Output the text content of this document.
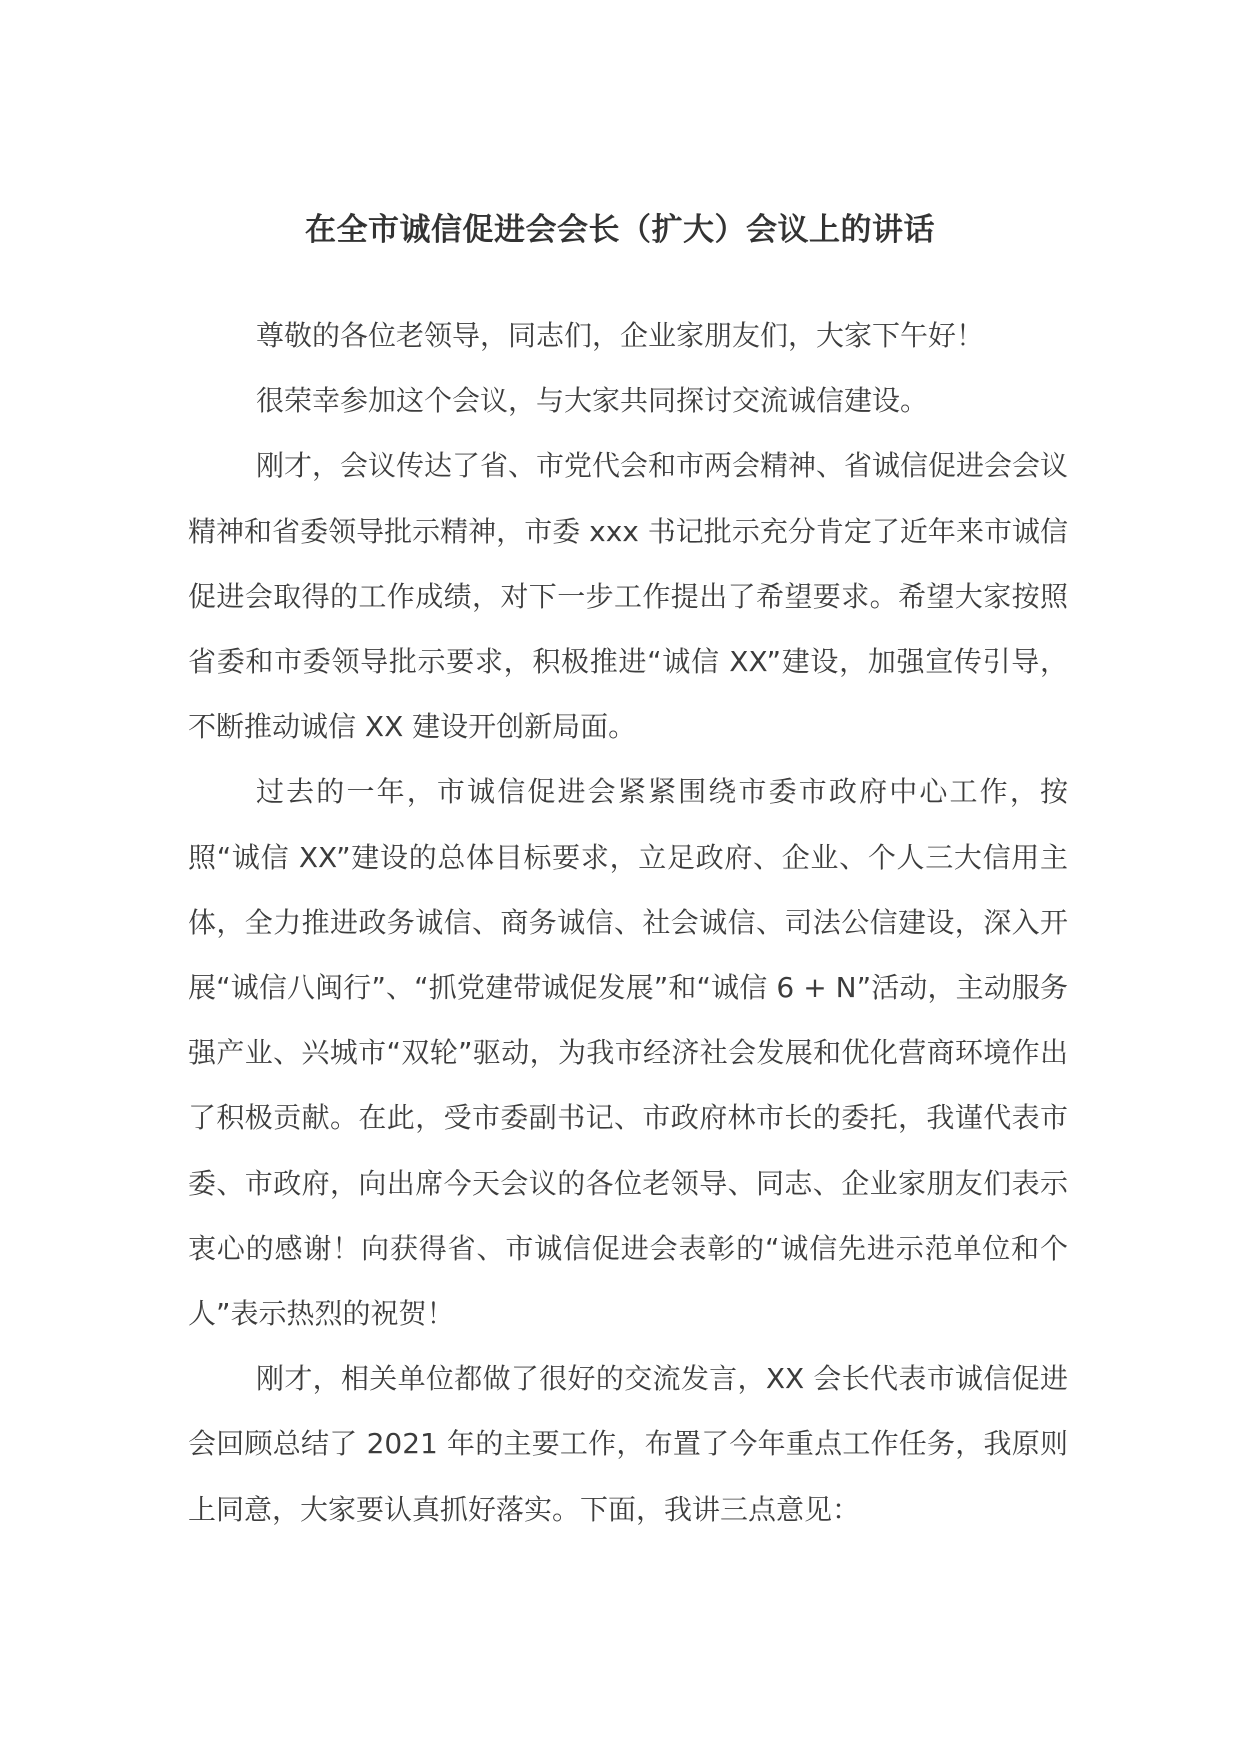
在全市诚信促进会会长（扩大）会议上的讲话

尊敬的各位老领导，同志们，企业家朋友们，大家下午好！

很荣幸参加这个会议，与大家共同探讨交流诚信建设。

刚才，会议传达了省、市党代会和市两会精神、省诚信促进会会议精神和省委领导批示精神，市委 xxx 书记批示充分肯定了近年来市诚信促进会取得的工作成绩，对下一步工作提出了希望要求。希望大家按照省委和市委领导批示要求，积极推进“诚信 XX”建设，加强宣传引导，不断推动诚信 XX 建设开创新局面。

过去的一年，市诚信促进会紧紧围绕市委市政府中心工作，按照“诚信 XX”建设的总体目标要求，立足政府、企业、个人三大信用主体，全力推进政务诚信、商务诚信、社会诚信、司法公信建设，深入开展“诚信八闽行”、“抓党建带诚促发展”和“诚信 6 + N”活动，主动服务强产业、兴城市“双轮”驱动，为我市经济社会发展和优化营商环境作出了积极贡献。在此，受市委副书记、市政府林市长的委托，我谨代表市委、市政府，向出席今天会议的各位老领导、同志、企业家朋友们表示衷心的感谢！向获得省、市诚信促进会表彰的“诚信先进示范单位和个人”表示热烈的祝贺！

刚才，相关单位都做了很好的交流发言，XX 会长代表市诚信促进会回顾总结了 2021 年的主要工作，布置了今年重点工作任务，我原则上同意，大家要认真抓好落实。下面，我讲三点意见：
